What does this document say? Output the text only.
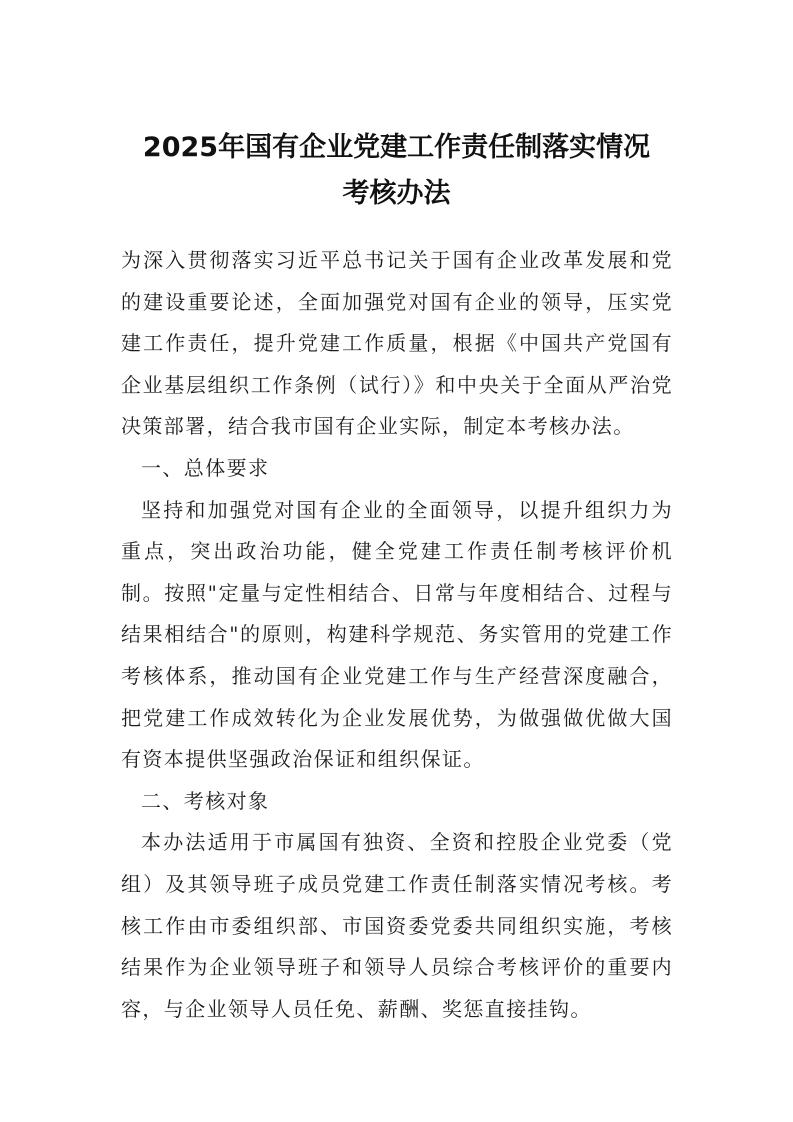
2025年国有企业党建工作责任制落实情况
考核办法

为深入贯彻落实习近平总书记关于国有企业改革发展和党的建设重要论述，全面加强党对国有企业的领导，压实党建工作责任，提升党建工作质量，根据《中国共产党国有企业基层组织工作条例（试行）》和中央关于全面从严治党决策部署，结合我市国有企业实际，制定本考核办法。

一、总体要求

坚持和加强党对国有企业的全面领导，以提升组织力为重点，突出政治功能，健全党建工作责任制考核评价机制。按照"定量与定性相结合、日常与年度相结合、过程与结果相结合"的原则，构建科学规范、务实管用的党建工作考核体系，推动国有企业党建工作与生产经营深度融合，把党建工作成效转化为企业发展优势，为做强做优做大国有资本提供坚强政治保证和组织保证。

二、考核对象

本办法适用于市属国有独资、全资和控股企业党委（党组）及其领导班子成员党建工作责任制落实情况考核。考核工作由市委组织部、市国资委党委共同组织实施，考核结果作为企业领导班子和领导人员综合考核评价的重要内容，与企业领导人员任免、薪酬、奖惩直接挂钩。
